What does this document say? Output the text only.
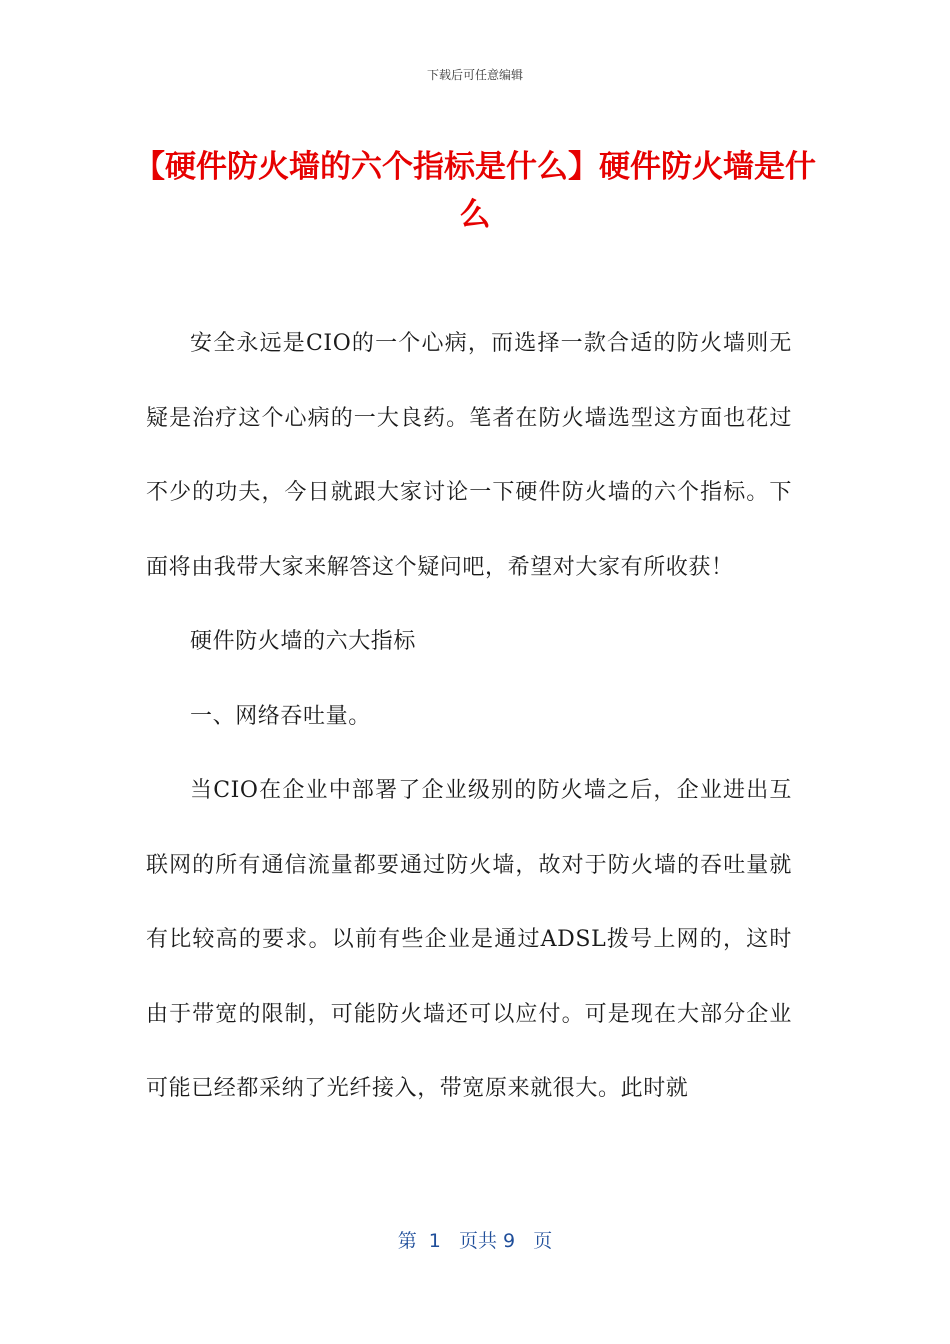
下载后可任意编辑
【硬件防火墙的六个指标是什么】硬件防火墙是什么

安全永远是CIO的一个心病，而选择一款合适的防火墙则无疑是治疗这个心病的一大良药。笔者在防火墙选型这方面也花过不少的功夫，今日就跟大家讨论一下硬件防火墙的六个指标。下面将由我带大家来解答这个疑问吧，希望对大家有所收获！

硬件防火墙的六大指标

一、网络吞吐量。

当CIO在企业中部署了企业级别的防火墙之后，企业进出互联网的所有通信流量都要通过防火墙，故对于防火墙的吞吐量就有比较高的要求。以前有些企业是通过ADSL拨号上网的，这时由于带宽的限制，可能防火墙还可以应付。可是现在大部分企业可能已经都采纳了光纤接入，带宽原来就很大。此时就

第  1   页共 9   页
